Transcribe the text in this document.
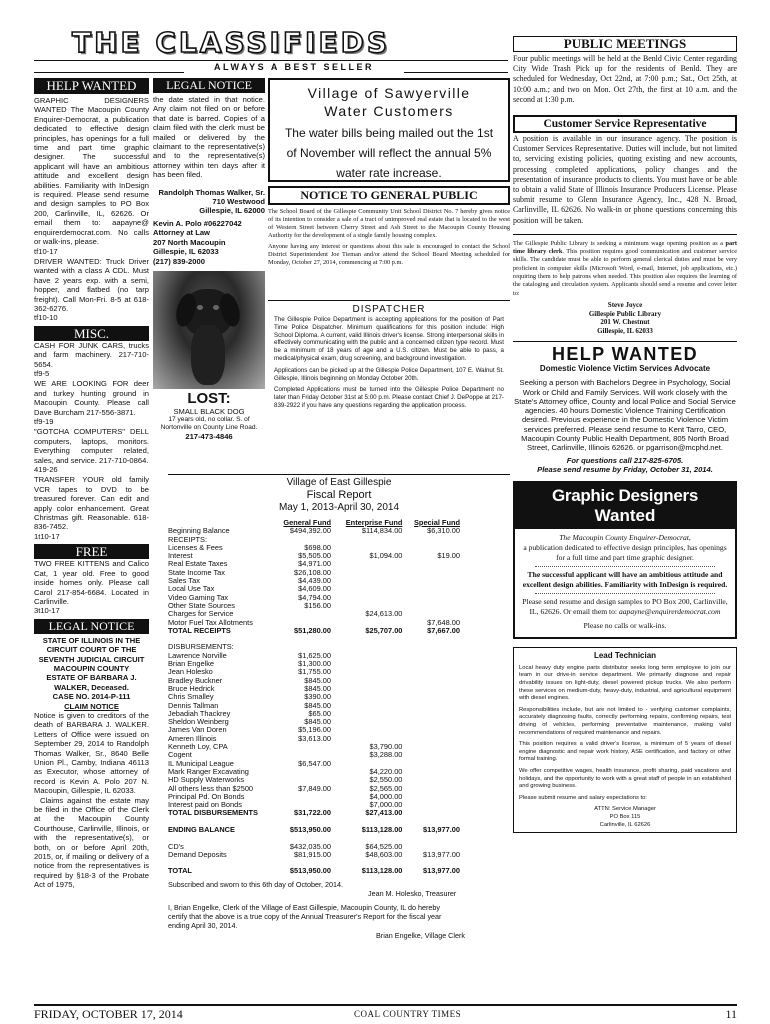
THE CLASSIFIEDS
ALWAYS A BEST SELLER
HELP WANTED

GRAPHIC DESIGNERS WANTED The Macoupin County Enquirer-Democrat, a publication dedicated to effective design principles, has openings for a full time and part time graphic designer. The successful applicant will have an ambitious attitude and excellent design abilities. Familiarity with InDesign is required. Please send resume and design samples to PO Box 200, Carlinville, IL, 62626. Or email them to: aapayne@ enquirerdemocrat.com. No calls or walk-ins, please.

tf10-17

DRIVER WANTED: Truck Driver wanted with a class A CDL. Must have 2 years exp. with a semi, hopper, and flatbed (no tarp freight). Call Mon-Fri. 8-5 at 618-362-6276.

tf10-10

MISC.

CASH FOR JUNK CARS, trucks and farm machinery. 217-710-5654.

tf9-5

WE ARE LOOKING FOR deer and turkey hunting ground in Macoupin County. Please call Dave Burcham 217-556-3871.

tf9-19

"GOTCHA COMPUTERS" DELL computers, laptops, monitors. Everything computer related, sales, and service. 217-710-0864.

419-26

TRANSFER YOUR old family VCR tapes to DVD to be treasured forever. Can edit and apply color enhancement. Great Christmas gift. Reasonable. 618-836-7452.

1t10-17

FREE

TWO FREE KITTENS and Calico Cat, 1 year old. Free to good inside homes only. Please call Carol 217-854-6684. Located in Carlinville.

3t10-17

LEGAL NOTICE

STATE OF ILLINOIS IN THE CIRCUIT COURT OF THE SEVENTH JUDICIAL CIRCUIT MACOUPIN COUNTY

ESTATE OF BARBARA J. WALKER, Deceased.

CASE NO. 2014-P-111

CLAIM NOTICE

Notice is given to creditors of the death of BARBARA J. WALKER. Letters of Office were issued on September 29, 2014 to Randolph Thomas Walker, Sr., 8640 Belle Union Pl., Camby, Indiana 46113 as Executor, whose attorney of record is Kevin A. Polo 207 N. Macoupin, Gillespie, IL 62033.

Claims against the estate may be filed in the Office of the Clerk at the Macoupin County Courthouse, Carlinville, Illinois, or with the representative(s), or both, on or before April 20th, 2015, or, if mailing or delivery of a notice from the representatives is required by §18-3 of the Probate Act of 1975,

LEGAL NOTICE

the date stated in that notice. Any claim not filed on or before that date is barred. Copies of a claim filed with the clerk must be mailed or delivered by the claimant to the representative(s) and to the representative(s) attorney within ten days after it has been filed.

Randolph Thomas Walker, Sr.

710 Westwood

Gillespie, IL 62000

Kevin A. Polo #06227042

Attorney at Law

207 North Macoupin

Gillespie, IL 62033

(217) 839-2000

LOST:

SMALL BLACK DOG

17 years old, no collar. S. of Nortonville on County Line Road.

217-473-4846

Village of Sawyerville

Water Customers

The water bills being mailed out the 1st of November will reflect the annual 5% water rate increase.

NOTICE TO GENERAL PUBLIC

The School Board of the Gillespie Community Unit School District No. 7 hereby gives notice of its intention to consider a sale of a tract of unimproved real estate that is located to the west of Western Street between Cherry Street and Ash Street to the Macoupin County Housing Authority for the development of a single family housing complex.

Anyone having any interest or questions about this sale is encouraged to contact the School District Superintendent Joe Tieman and/or attend the School Board Meeting scheduled for Monday, October 27, 2014, commencing at 7:00 p.m.

DISPATCHER

The Gillespie Police Department is accepting applications for the position of Part Time Police Dispatcher. Minimum qualifications for this position include: High School Diploma. A current, valid Illinois driver's license. Strong interpersonal skills in effectively communicating with the public and a concerned citizen type record. Must be a minimum of 18 years of age and a U.S. citizen. Must be able to pass, a medical/physical exam, drug screening, and background investigation.

Applications can be picked up at the Gillespie Police Department, 107 E. Walnut St. Gillespie, Illinois beginning on Monday October 20th.

Completed Applications must be turned into the Gillespie Police Department no later than Friday October 31st at 5:00 p.m. Please contact Chief J. DePoppe at 217-839-2922 if you have any questions regarding the application process.

Village of East Gillespie

Fiscal Report

May 1, 2013-April 30, 2014

	General Fund	Enterprise Fund	Special Fund
Beginning Balance	$494,392.00	$114,834.00	$6,310.00
RECEIPTS:			
Licenses & Fees	$698.00		
Interest	$5,505.00	$1,094.00	$19.00
Real Estate Taxes	$4,971.00		
State Income Tax	$26,108.00		
Sales Tax	$4,439.00		
Local Use Tax	$4,609.00		
Video Gaming Tax	$4,794.00		
Other State Sources	$156.00		
Charges for Service		$24,613.00	
Motor Fuel Tax Allotments			$7,648.00
TOTAL RECEIPTS	$51,280.00	$25,707.00	$7,667.00

DISBURSEMENTS:			
Lawrence Norville	$1,625.00		
Brian Engelke	$1,300.00		
Jean Holesko	$1,755.00		
Bradley Buckner	$845.00		
Bruce Hedrick	$845.00		
Chris Smalley	$390.00		
Dennis Tallman	$845.00		
Jebadiah Thackrey	$65.00		
Sheldon Weinberg	$845.00		
James Van Doren	$5,196.00		
Ameren Illinois	$3,613.00		
Kenneth Loy, CPA		$3,790.00	
Cogent		$3,288.00	
IL Municipal League	$6,547.00		
Mark Ranger Excavating		$4,220.00	
HD Supply Waterworks		$2,550.00	
All others less than $2500	$7,849.00	$2,565.00	
Principal Pd. On Bonds		$4,000.00	
Interest paid on Bonds		$7,000.00	
TOTAL DISBURSEMENTS	$31,722.00	$27,413.00	

ENDING BALANCE	$513,950.00	$113,128.00	$13,977.00

CD's	$432,035.00	$64,525.00	
Demand Deposits	$81,915.00	$48,603.00	$13,977.00

TOTAL	$513,950.00	$113,128.00	$13,977.00

Subscribed and sworn to this 6th day of October, 2014.

Jean M. Holesko, Treasurer

I, Brian Engelke, Clerk of the Village of East Gillespie, Macoupin County, IL do hereby certify that the above is a true copy of the Annual Treasurer's Report for the fiscal year ending April 30, 2014.

Brian Engelke, Village Clerk

PUBLIC MEETINGS

Four public meetings will be held at the Benld Civic Center regarding City Wide Trash Pick up for the residents of Benld. They are scheduled for Wednesday, Oct 22nd, at 7:00 p.m.; Sat., Oct 25th, at 10:00 a.m.; and two on Mon. Oct 27th, the first at 10 a.m. and the second at 1:30 p.m.

Customer Service Representative

A position is available in our insurance agency. The position is Customer Services Representative. Duties will include, but not limited to, servicing existing policies, quoting existing and new accounts, processing completed applications, policy changes and the presentation of insurance products to clients. You must have or be able to obtain a valid State of Illinois Insurance Producers License. Please submit resume to Glenn Insurance Agency, Inc., 428 N. Broad, Carlinville, IL 62626. No walk-in or phone questions concerning this position will be taken.

The Gillespie Public Library is seeking a minimum wage opening position as a part time library clerk. This position requires good communication and customer service skills. The candidate must be able to perform general clerical duties and must be very proficient in computer skills (Microsoft Word, e-mail, Internet, job applications, etc.) requiring them to help patrons when needed. This position also requires the learning of the cataloging and circulation system. Applicants should send a resume and cover letter to:

Steve Joyce

Gillespie Public Library

201 W. Chestnut

Gillespie, IL 62033

HELP WANTED

Domestic Violence Victim Services Advocate

Seeking a person with Bachelors Degree in Psychology, Social Work or Child and Family Services. Will work closely with the State's Attorney office, County and local Police and Social Service agencies. 40 hours Domestic Violence Training Certification desired. Previous experience in the Domestic Violence Victim services preferred. Please send resume to Kent Tarro, CEO, Macoupin County Public Health Department, 805 North Broad Street, Carlinville, Illinois 62626. or pgarrison@mcphd.net.

For questions call 217-825-6705.

Please send resume by Friday, October 31, 2014.

Graphic Designers

Wanted

The Macoupin County Enquirer-Democrat,

a publication dedicated to effective design principles, has openings for a full time and part time graphic designer.

The successful applicant will have an ambitious attitude and excellent design abilities. Familiarity with InDesign is required.

Please send resume and design samples to PO Box 200, Carlinville, IL, 62626. Or email them to: aapayne@enquirerdemocrat.com

Please no calls or walk-ins.

Lead Technician

Local heavy duty engine parts distributor seeks long term employee to join our team in our drive-in service department. We primarily diagnose and repair drivability issues on light-duty, diesel powered pickup trucks. We also perform these services on medium-duty, heavy-duty, industrial, and agricultural equipment with diesel engines.

Responsibilities include, but are not limited to - verifying customer complaints, accurately diagnosing faults, correctly performing repairs, confirming repairs, test driving of vehicles, performing preventative maintenance, making valid recommendations of required maintenance and repairs.

This position requires a valid driver's license, a minimum of 5 years of diesel engine diagnostic and repair work history, ASE certification, and factory or other formal training.

We offer competitive wages, health insurance, profit sharing, paid vacations and holidays, and the opportunity to work with a great staff of people in an established and growing business.

Please submit resume and salary expectations to:

ATTN: Service Manager

PO Box 115

Carlinville, IL 62626

FRIDAY, OCTOBER 17, 2014	COAL COUNTRY TIMES	11
